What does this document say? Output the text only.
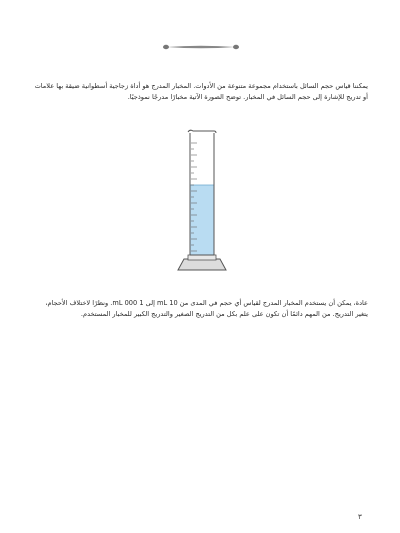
يمكننا قياس حجم السائل باستخدام مجموعة متنوعة من الأدوات. المخبار المدرج هو أداة زجاجية أسطوانية ضيقة بها علامات أو تدريج للإشارة إلى حجم السائل في المخبار. توضح الصورة الآتية مخبارًا مدرجًا نموذجيًا.

عادة، يمكن أن يستخدم المخبار المدرج لقياس أي حجم في المدى من 10 mL إلى 1 000 mL. ونظرًا لاختلاف الأحجام، يتغير التدريج. من المهم دائمًا أن تكون على علم بكل من التدريج الصغير والتدريج الكبير للمخبار المستخدم.

٣
